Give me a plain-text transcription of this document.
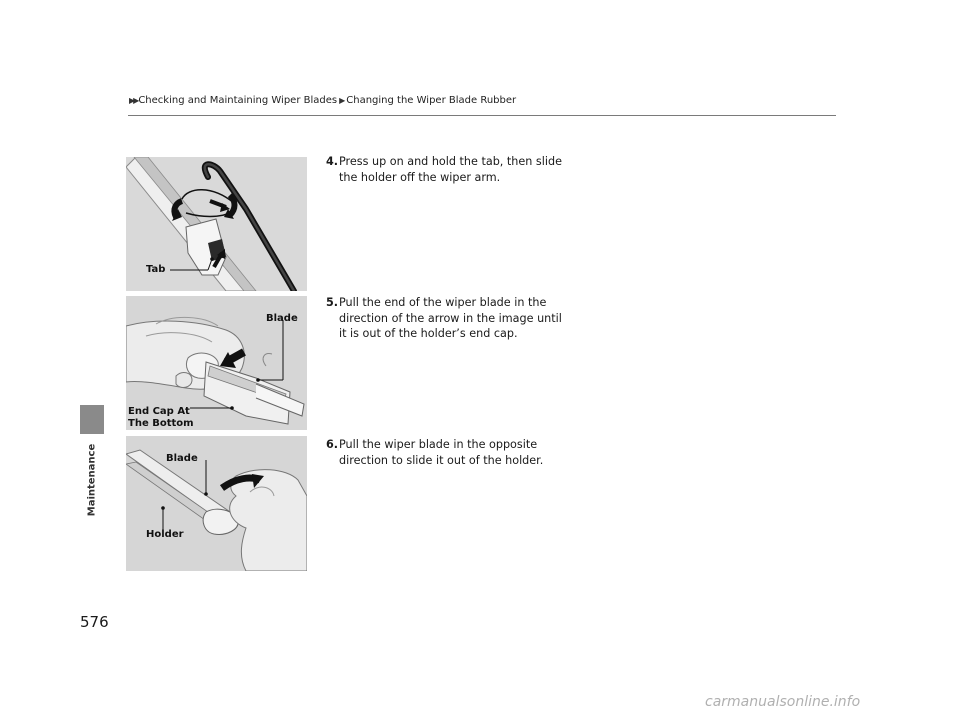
▶▶ Checking and Maintaining Wiper Blades ▶ Changing the Wiper Blade Rubber
Maintenance
Tab
Blade
End Cap At
The Bottom
Blade
Holder
4. Press up on and hold the tab, then slide the holder off the wiper arm.
5. Pull the end of the wiper blade in the direction of the arrow in the image until it is out of the holder’s end cap.
6. Pull the wiper blade in the opposite direction to slide it out of the holder.
576
carmanualsonline.info
